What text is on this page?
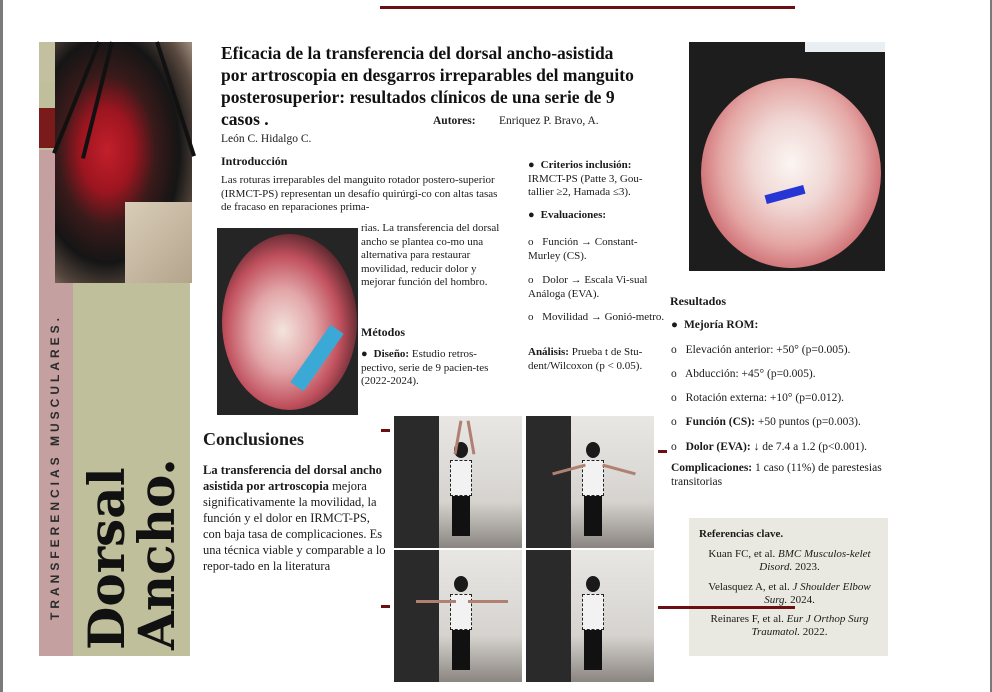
TRANSFERENCIAS MUSCULARES. Dorsal
Ancho.
Eficacia de la transferencia del dorsal ancho-asistida por artroscopia en desgarros irreparables del manguito posterosuperior: resultados clínicos de una serie de 9 casos .	Autores: Enriquez P. Bravo, A.
León C. Hidalgo C.
Introducción
Las roturas irreparables del manguito rotador postero-superior (IRMCT-PS) representan un desafío quirúrgi-co con altas tasas de fracaso en reparaciones prima-
rias. La transferencia del dorsal ancho se plantea co-mo una alternativa para restaurar movilidad, reducir dolor y mejorar función del hombro.
Métodos
● Diseño: Estudio retros-pectivo, serie de 9 pacien-tes (2022-2024).
● Criterios inclusión:
IRMCT-PS (Patte 3, Gou-tallier ≥2, Hamada ≤3).
● Evaluaciones:
o Función → Constant-Murley (CS).
o Dolor → Escala Vi-sual Análoga (EVA).
o Movilidad → Gonió-metro.
Análisis: Prueba t de Stu-dent/Wilcoxon (p < 0.05).
Resultados
● Mejoría ROM:
o Elevación anterior: +50° (p=0.005).
o Abducción: +45° (p=0.005).
o Rotación externa: +10° (p=0.012).
o Función (CS): +50 puntos (p=0.003).
o Dolor (EVA): ↓ de 7.4 a 1.2 (p<0.001).
Complicaciones: 1 caso (11%) de parestesias transitorias
Conclusiones
La transferencia del dorsal ancho asistida por artroscopia mejora significativamente la movilidad, la función y el dolor en IRMCT-PS, con baja tasa de complicaciones. Es una técnica viable y comparable a lo repor-tado en la literatura
Referencias clave.
Kuan FC, et al. BMC Musculos-kelet Disord. 2023.
Velasquez A, et al. J Shoulder Elbow Surg. 2024.
Reinares F, et al. Eur J Orthop Surg Traumatol. 2022.
